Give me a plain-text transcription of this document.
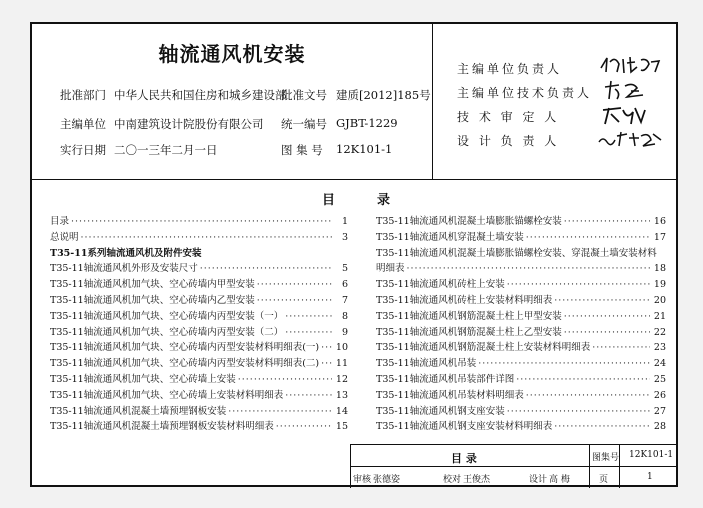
轴流通风机安装
批准部门 中华人民共和国住房和城乡建设部
批准文号 建质[2012]185号
主编单位 中南建筑设计院股份有限公司 统一编号 GJBT-1229
实行日期 二〇一三年二月一日	图 集 号 12K101-1
主编单位负责人
主编单位技术负责人
技 术 审 定 人
设 计 负 责 人
目	录
目录 ·····	1
总说明 ·····	3
T35-11系列轴流通风机及附件安装
T35-11轴流通风机外形及安装尺寸 ·····	5
T35-11轴流通风机加气块、空心砖墙内甲型安装 ·····	6
T35-11轴流通风机加气块、空心砖墙内乙型安装 ·····	7
T35-11轴流通风机加气块、空心砖墙内丙型安装（一） ·····	8
T35-11轴流通风机加气块、空心砖墙内丙型安装（二） ·····	9
T35-11轴流通风机加气块、空心砖墙内丙型安装材料明细表(一) ····· 10
T35-11轴流通风机加气块、空心砖墙内丙型安装材料明细表(二) ····· 11
T35-11轴流通风机加气块、空心砖墙上安装 ·····	12
T35-11轴流通风机加气块、空心砖墙上安装材料明细表 ·····	13
T35-11轴流通风机混凝土墙预埋钢板安装 ·····	14
T35-11轴流通风机混凝土墙预埋钢板安装材料明细表 ·····	15
T35-11轴流通风机混凝土墙膨胀锚螺栓安装 ·····	16
T35-11轴流通风机穿混凝土墙安装 ·····	17
T35-11轴流通风机混凝土墙膨胀锚螺栓安装、穿混凝土墙安装材料
明细表 ·····	18
T35-11轴流通风机砖柱上安装 ·····	19
T35-11轴流通风机砖柱上安装材料明细表 ·····	20
T35-11轴流通风机钢筋混凝土柱上甲型安装 ·····	21
T35-11轴流通风机钢筋混凝土柱上乙型安装 ·····	22
T35-11轴流通风机钢筋混凝土柱上安装材料明细表 ·····	23
T35-11轴流通风机吊装 ·····	24
T35-11轴流通风机吊装部件详图 ·····	25
T35-11轴流通风机吊装材料明细表 ·····	26
T35-11轴流通风机钢支座安装 ·····	27
T35-11轴流通风机钢支座安装材料明细表 ·····	28
目 录	图集号 12K101-1
审核 张德姿	校对 王俊杰	设计 高 梅	页	1
